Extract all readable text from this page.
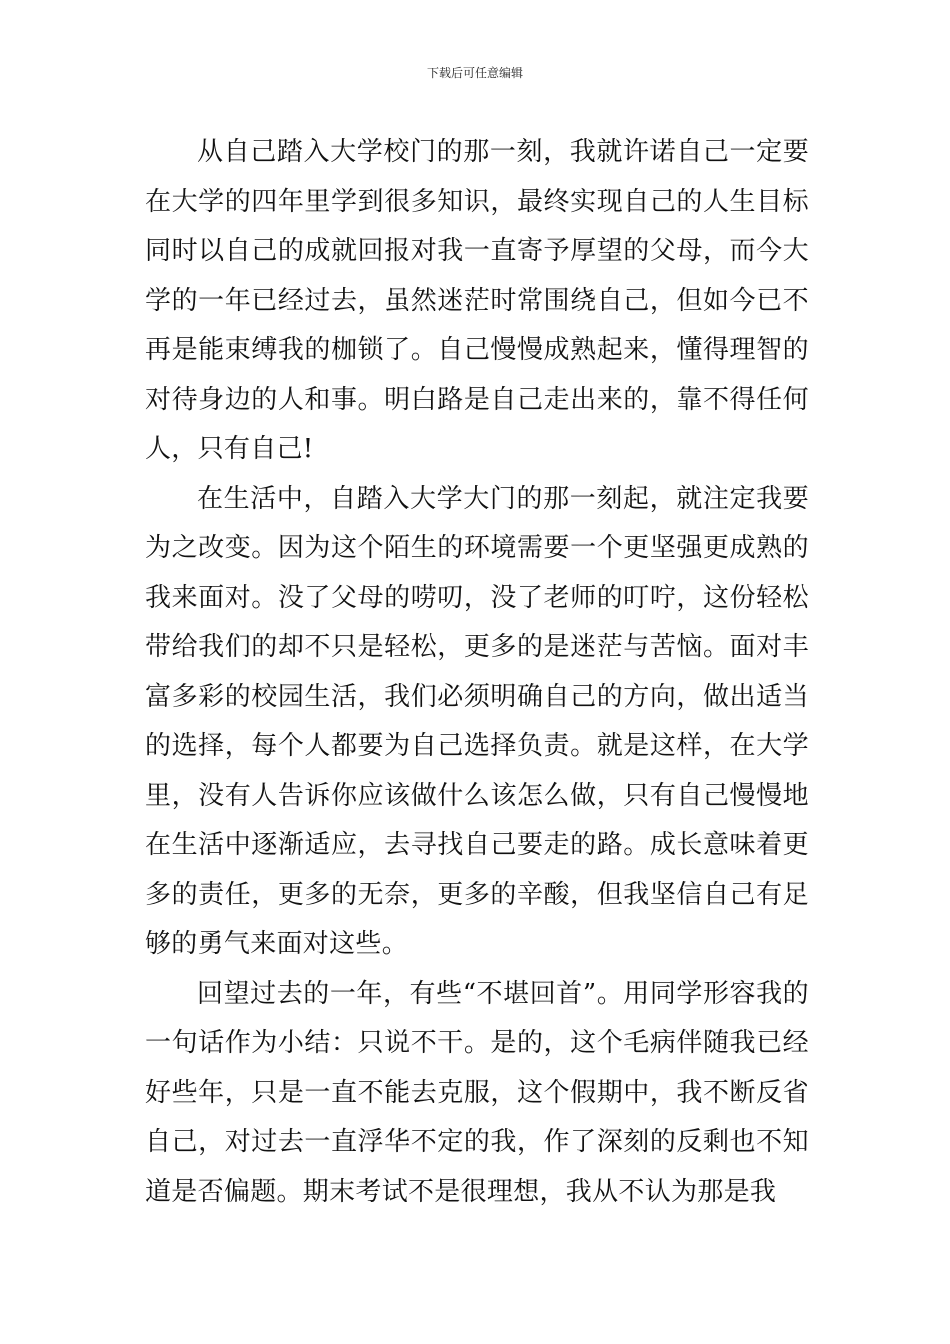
下载后可任意编辑

从自己踏入大学校门的那一刻，我就许诺自己一定要在大学的四年里学到很多知识，最终实现自己的人生目标同时以自己的成就回报对我一直寄予厚望的父母，而今大学的一年已经过去，虽然迷茫时常围绕自己，但如今已不再是能束缚我的枷锁了。自己慢慢成熟起来，懂得理智的对待身边的人和事。明白路是自己走出来的，靠不得任何人，只有自己!

在生活中，自踏入大学大门的那一刻起，就注定我要为之改变。因为这个陌生的环境需要一个更坚强更成熟的我来面对。没了父母的唠叨，没了老师的叮咛，这份轻松带给我们的却不只是轻松，更多的是迷茫与苦恼。面对丰富多彩的校园生活，我们必须明确自己的方向，做出适当的选择，每个人都要为自己选择负责。就是这样，在大学里，没有人告诉你应该做什么该怎么做，只有自己慢慢地在生活中逐渐适应，去寻找自己要走的路。成长意味着更多的责任，更多的无奈，更多的辛酸，但我坚信自己有足够的勇气来面对这些。

回望过去的一年，有些“不堪回首”。用同学形容我的一句话作为小结：只说不干。是的，这个毛病伴随我已经好些年，只是一直不能去克服，这个假期中，我不断反省自己，对过去一直浮华不定的我，作了深刻的反剩也不知道是否偏题。期末考试不是很理想，我从不认为那是我
